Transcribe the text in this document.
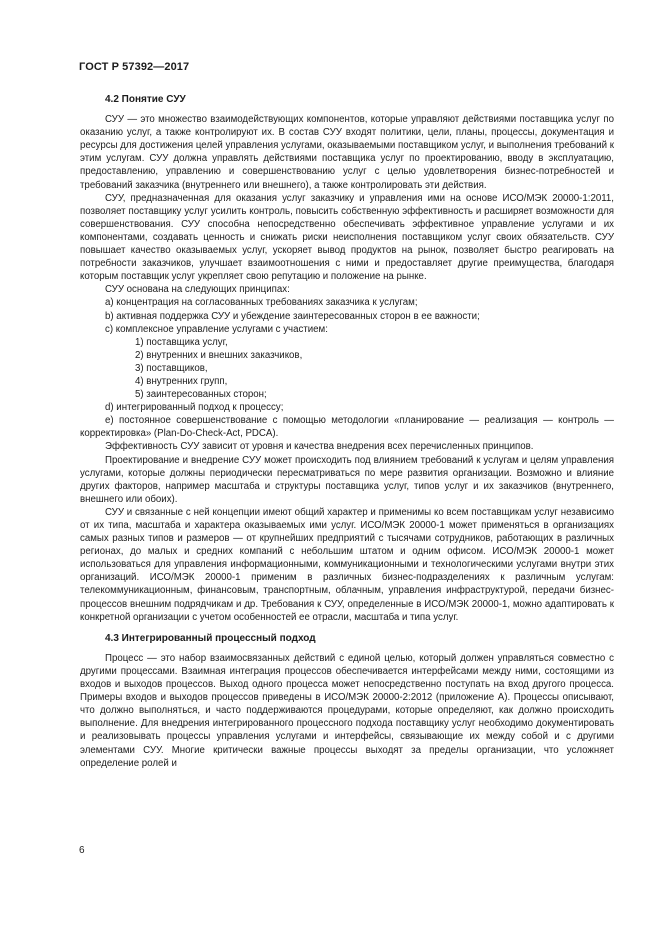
ГОСТ Р 57392—2017
4.2 Понятие СУУ

СУУ — это множество взаимодействующих компонентов, которые управляют действиями поставщика услуг по оказанию услуг, а также контролируют их. В состав СУУ входят политики, цели, планы, процессы, документация и ресурсы для достижения целей управления услугами, оказываемыми поставщиком услуг, и выполнения требований к этим услугам. СУУ должна управлять действиями поставщика услуг по проектированию, вводу в эксплуатацию, предоставлению, управлению и совершенствованию услуг с целью удовлетворения бизнес-потребностей и требований заказчика (внутреннего или внешнего), а также контролировать эти действия.

СУУ, предназначенная для оказания услуг заказчику и управления ими на основе ИСО/МЭК 20000-1:2011, позволяет поставщику услуг усилить контроль, повысить собственную эффективность и расширяет возможности для совершенствования. СУУ способна непосредственно обеспечивать эффективное управление услугами и их компонентами, создавать ценность и снижать риски неисполнения поставщиком услуг своих обязательств. СУУ повышает качество оказываемых услуг, ускоряет вывод продуктов на рынок, позволяет быстро реагировать на потребности заказчиков, улучшает взаимоотношения с ними и предоставляет другие преимущества, благодаря которым поставщик услуг укрепляет свою репутацию и положение на рынке.

СУУ основана на следующих принципах:

а) концентрация на согласованных требованиях заказчика к услугам;

b) активная поддержка СУУ и убеждение заинтересованных сторон в ее важности;

с) комплексное управление услугами с участием:

1) поставщика услуг,

2) внутренних и внешних заказчиков,

3) поставщиков,

4) внутренних групп,

5) заинтересованных сторон;

d) интегрированный подход к процессу;

е) постоянное совершенствование с помощью методологии «планирование — реализация — контроль — корректировка» (Plan-Do-Check-Act, PDCA).

Эффективность СУУ зависит от уровня и качества внедрения всех перечисленных принципов.

Проектирование и внедрение СУУ может происходить под влиянием требований к услугам и целям управления услугами, которые должны периодически пересматриваться по мере развития организации. Возможно и влияние других факторов, например масштаба и структуры поставщика услуг, типов услуг и их заказчиков (внутреннего, внешнего или обоих).

СУУ и связанные с ней концепции имеют общий характер и применимы ко всем поставщикам услуг независимо от их типа, масштаба и характера оказываемых ими услуг. ИСО/МЭК 20000-1 может применяться в организациях самых разных типов и размеров — от крупнейших предприятий с тысячами сотрудников, работающих в различных регионах, до малых и средних компаний с небольшим штатом и одним офисом. ИСО/МЭК 20000-1 может использоваться для управления информационными, коммуникационными и технологическими услугами внутри этих организаций. ИСО/МЭК 20000-1 применим в различных бизнес-подразделениях к различным услугам: телекоммуникационным, финансовым, транспортным, облачным, управления инфраструктурой, передачи бизнес-процессов внешним подрядчикам и др. Требования к СУУ, определенные в ИСО/МЭК 20000-1, можно адаптировать к конкретной организации с учетом особенностей ее отрасли, масштаба и типа услуг.

4.3 Интегрированный процессный подход

Процесс — это набор взаимосвязанных действий с единой целью, который должен управляться совместно с другими процессами. Взаимная интеграция процессов обеспечивается интерфейсами между ними, состоящими из входов и выходов процессов. Выход одного процесса может непосредственно поступать на вход другого процесса. Примеры входов и выходов процессов приведены в ИСО/МЭК 20000-2:2012 (приложение А). Процессы описывают, что должно выполняться, и часто поддерживаются процедурами, которые определяют, как должно происходить выполнение. Для внедрения интегрированного процессного подхода поставщику услуг необходимо документировать и реализовывать процессы управления услугами и интерфейсы, связывающие их между собой и с другими элементами СУУ. Многие критически важные процессы выходят за пределы организации, что усложняет определение ролей и

6
